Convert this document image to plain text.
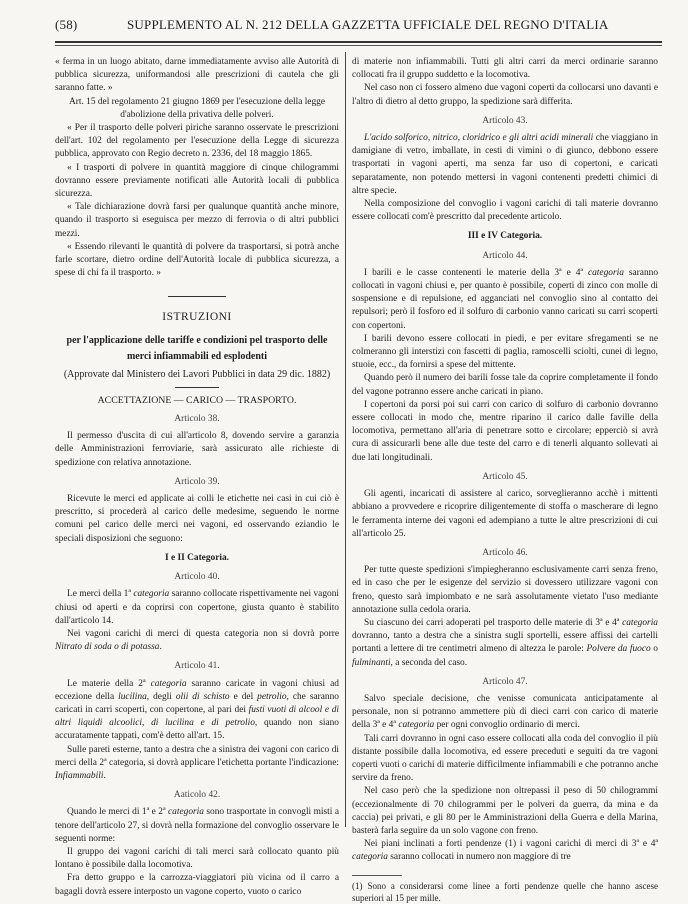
(58)	SUPPLEMENTO AL N. 212 DELLA GAZZETTA UFFICIALE DEL REGNO D'ITALIA

« ferma in un luogo abitato, darne immediatamente avviso alle Autorità di pubblica sicurezza, uniformandosi alle prescrizioni di cautela che gli saranno fatte. »

Art. 15 del regolamento 21 giugno 1869 per l'esecuzione della legge d'abolizione della privativa delle polveri.

« Per il trasporto delle polveri piriche saranno osservate le prescrizioni dell'art. 102 del regolamento per l'esecuzione della Legge di sicurezza pubblica, approvato con Regio decreto n. 2336, del 18 maggio 1865.

« I trasporti di polvere in quantità maggiore di cinque chilogrammi dovranno essere previamente notificati alle Autorità locali di pubblica sicurezza.

« Tale dichiarazione dovrà farsi per qualunque quantità anche minore, quando il trasporto si eseguisca per mezzo di ferrovia o di altri pubblici mezzi.

« Essendo rilevanti le quantità di polvere da trasportarsi, si potrà anche farle scortare, dietro ordine dell'Autorità locale di pubblica sicurezza, a spese di chi fa il trasporto. »

ISTRUZIONI
per l'applicazione delle tariffe e condizioni pel trasporto delle merci infiammabili ed esplodenti
(Approvate dal Ministero dei Lavori Pubblici in data 29 dic. 1882)
ACCETTAZIONE — CARICO — TRASPORTO.
Articolo 38.

Il permesso d'uscita di cui all'articolo 8, dovendo servire a garanzia delle Amministrazioni ferroviarie, sarà assicurato alle richieste di spedizione con relativa annotazione.

Articolo 39.

Ricevute le merci ed applicate ai colli le etichette nei casi in cui ciò è prescritto, si procederà al carico delle medesime, seguendo le norme comuni pel carico delle merci nei vagoni, ed osservando eziandio le speciali disposizioni che seguono:

I e II Categoria.
Articolo 40.

Le merci della 1ª categoria saranno collocate rispettivamente nei vagoni chiusi od aperti e da coprirsi con copertone, giusta quanto è stabilito dall'articolo 14.

Nei vagoni carichi di merci di questa categoria non si dovrà porre Nitrato di soda o di potassa.

Articolo 41.

Le materie della 2ª categoria saranno caricate in vagoni chiusi ad eccezione della lucilina, degli olii di schisto e del petrolio, che saranno caricati in carri scoperti, con copertone, al pari dei fusti vuoti di alcool e di altri liquidi alcoolici, di lucilina e di petrolio, quando non siano accuratamente tappati, com'è detto all'art. 15.

Sulle pareti esterne, tanto a destra che a sinistra dei vagoni con carico di merci della 2ª categoria, si dovrà applicare l'etichetta portante l'indicazione: Infiammabili.

Aaticolo 42.

Quando le merci di 1ª e 2ª categoria sono trasportate in convogli misti a tenore dell'articolo 27, si dovrà nella formazione del convoglio osservare le seguenti norme:

Il gruppo dei vagoni carichi di tali merci sarà collocato quanto più lontano è possibile dalla locomotiva.

Fra detto gruppo e la carrozza-viaggiatori più vicina od il carro a bagagli dovrà essere interposto un vagone coperto, vuoto o carico

di materie non infiammabili. Tutti gli altri carri da merci ordinarie saranno collocati fra il gruppo suddetto e la locomotiva.

Nel caso non ci fossero almeno due vagoni coperti da collocarsi uno davanti e l'altro di dietro al detto gruppo, la spedizione sarà differita.

Articolo 43.

L'acido solforico, nitrico, cloridrico e gli altri acidi minerali che viaggiano in damigiane di vetro, imballate, in cesti di vimini o di giunco, debbono essere trasportati in vagoni aperti, ma senza far uso di copertoni, e caricati separatamente, non potendo mettersi in vagoni contenenti predetti chimici di altre specie.

Nella composizione del convoglio i vagoni carichi di tali materie dovranno essere collocati com'è prescritto dal precedente articolo.

III e IV Categoria.
Articolo 44.

I barili e le casse contenenti le materie della 3ª e 4ª categoria saranno collocati in vagoni chiusi e, per quanto è possibile, coperti di zinco con molle di sospensione e di repulsione, ed agganciati nel convoglio sino al contatto dei repulsori; però il fosforo ed il solfuro di carbonio vanno caricati su carri scoperti con copertoni.

I barili devono essere collocati in piedi, e per evitare sfregamenti se ne colmeranno gli interstizi con fascetti di paglia, ramoscelli sciolti, cunei di legno, stuoie, ecc., da fornirsi a spese del mittente.

Quando però il numero dei barili fosse tale da coprire completamente il fondo del vagone potranno essere anche caricati in piano.

I copertoni da porsi poi sui carri con carico di solfuro di carbonio dovranno essere collocati in modo che, mentre riparino il carico dalle faville della locomotiva, permettano all'aria di penetrare sotto e circolare; epperciò si avrà cura di assicurarli bene alle due teste del carro e di tenerli alquanto sollevati ai due lati longitudinali.

Articolo 45.

Gli agenti, incaricati di assistere al carico, sorveglieranno acchè i mittenti abbiano a provvedere e ricoprire diligentemente di stoffa o mascherare di legno le ferramenta interne dei vagoni ed adempiano a tutte le altre prescrizioni di cui all'articolo 25.

Articolo 46.

Per tutte queste spedizioni s'impiegheranno esclusivamente carri senza freno, ed in caso che per le esigenze del servizio si dovessero utilizzare vagoni con freno, questo sarà impiombato e ne sarà assolutamente vietato l'uso mediante annotazione sulla cedola oraria.

Su ciascuno dei carri adoperati pel trasporto delle materie di 3ª e 4ª categoria dovranno, tanto a destra che a sinistra sugli sportelli, essere affissi dei cartelli portanti a lettere di tre centimetri almeno di altezza le parole: Polvere da fuoco o fulminanti, a seconda del caso.

Articolo 47.

Salvo speciale decisione, che venisse comunicata anticipatamente al personale, non si potranno ammettere più di dieci carri con carico di materie della 3ª e 4ª categoria per ogni convoglio ordinario di merci.

Tali carri dovranno in ogni caso essere collocati alla coda del convoglio il più distante possibile dalla locomotiva, ed essere preceduti e seguiti da tre vagoni coperti vuoti o carichi di materie difficilmente infiammabili e che potranno anche servire da freno.

Nel caso però che la spedizione non oltrepassi il peso di 50 chilogrammi (eccezionalmente di 70 chilogrammi per le polveri da guerra, da mina e da caccia) pei privati, e gli 80 per le Amministrazioni della Guerra e della Marina, basterà farla seguire da un solo vagone con freno.

Nei piani inclinati a forti pendenze (1) i vagoni carichi di merci di 3ª e 4ª categoria saranno collocati in numero non maggiore di tre

(1) Sono a considerarsi come linee a forti pendenze quelle che hanno ascese superiori al 15 per mille.
